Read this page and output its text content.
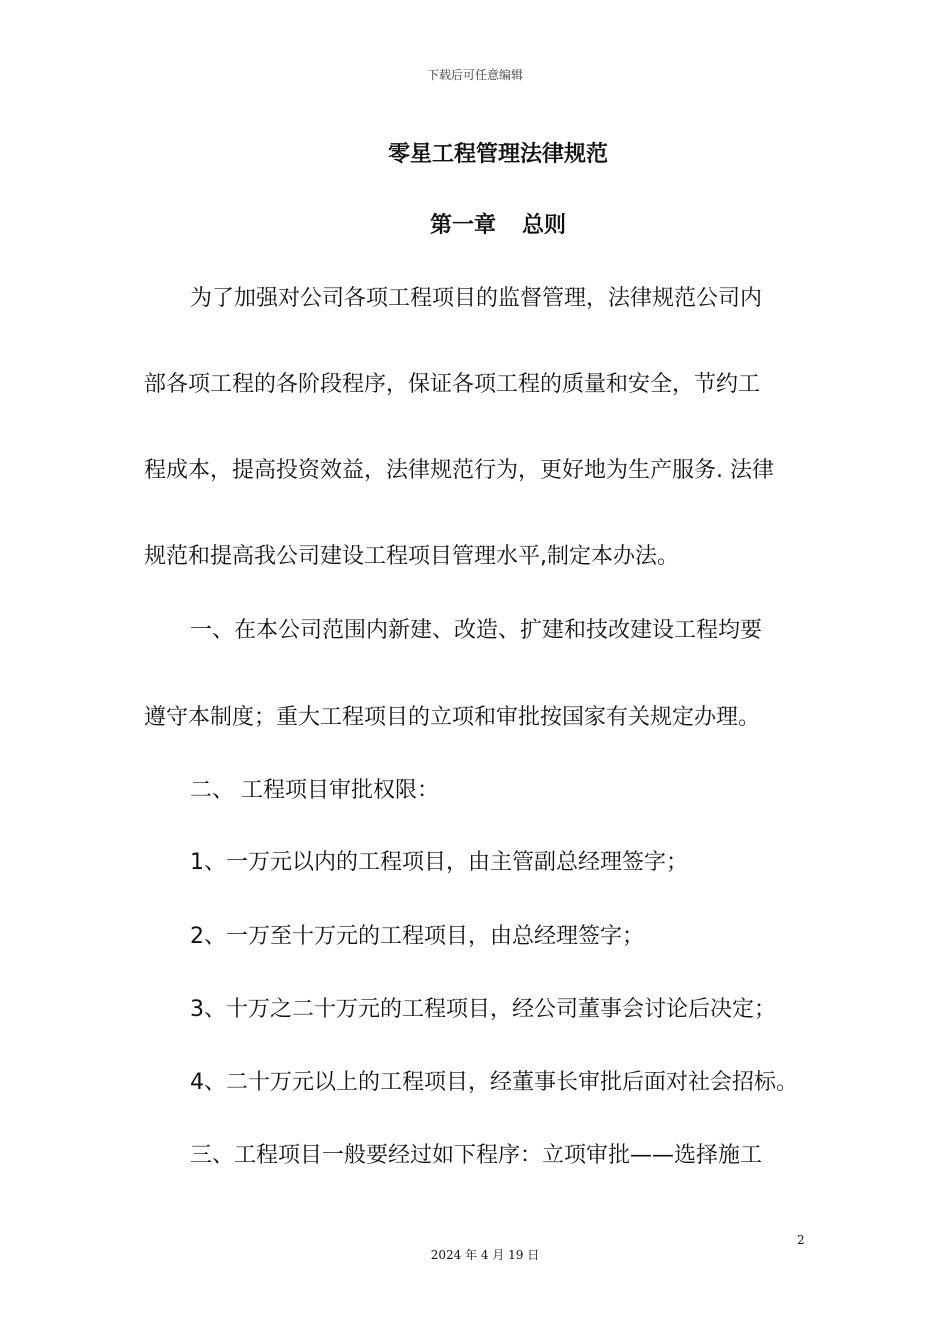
下载后可任意编辑
零星工程管理法律规范
第一章 总则

为了加强对公司各项工程项目的监督管理，法律规范公司内

部各项工程的各阶段程序，保证各项工程的质量和安全，节约工

程成本，提高投资效益，法律规范行为，更好地为生产服务. 法律

规范和提高我公司建设工程项目管理水平,制定本办法。

一、在本公司范围内新建、改造、扩建和技改建设工程均要

遵守本制度；重大工程项目的立项和审批按国家有关规定办理。

二、 工程项目审批权限：

1、一万元以内的工程项目，由主管副总经理签字；

2、一万至十万元的工程项目，由总经理签字；

3、十万之二十万元的工程项目，经公司董事会讨论后决定；

4、二十万元以上的工程项目，经董事长审批后面对社会招标。

三、工程项目一般要经过如下程序：立项审批——选择施工

2
2024 年 4 月 19 日
